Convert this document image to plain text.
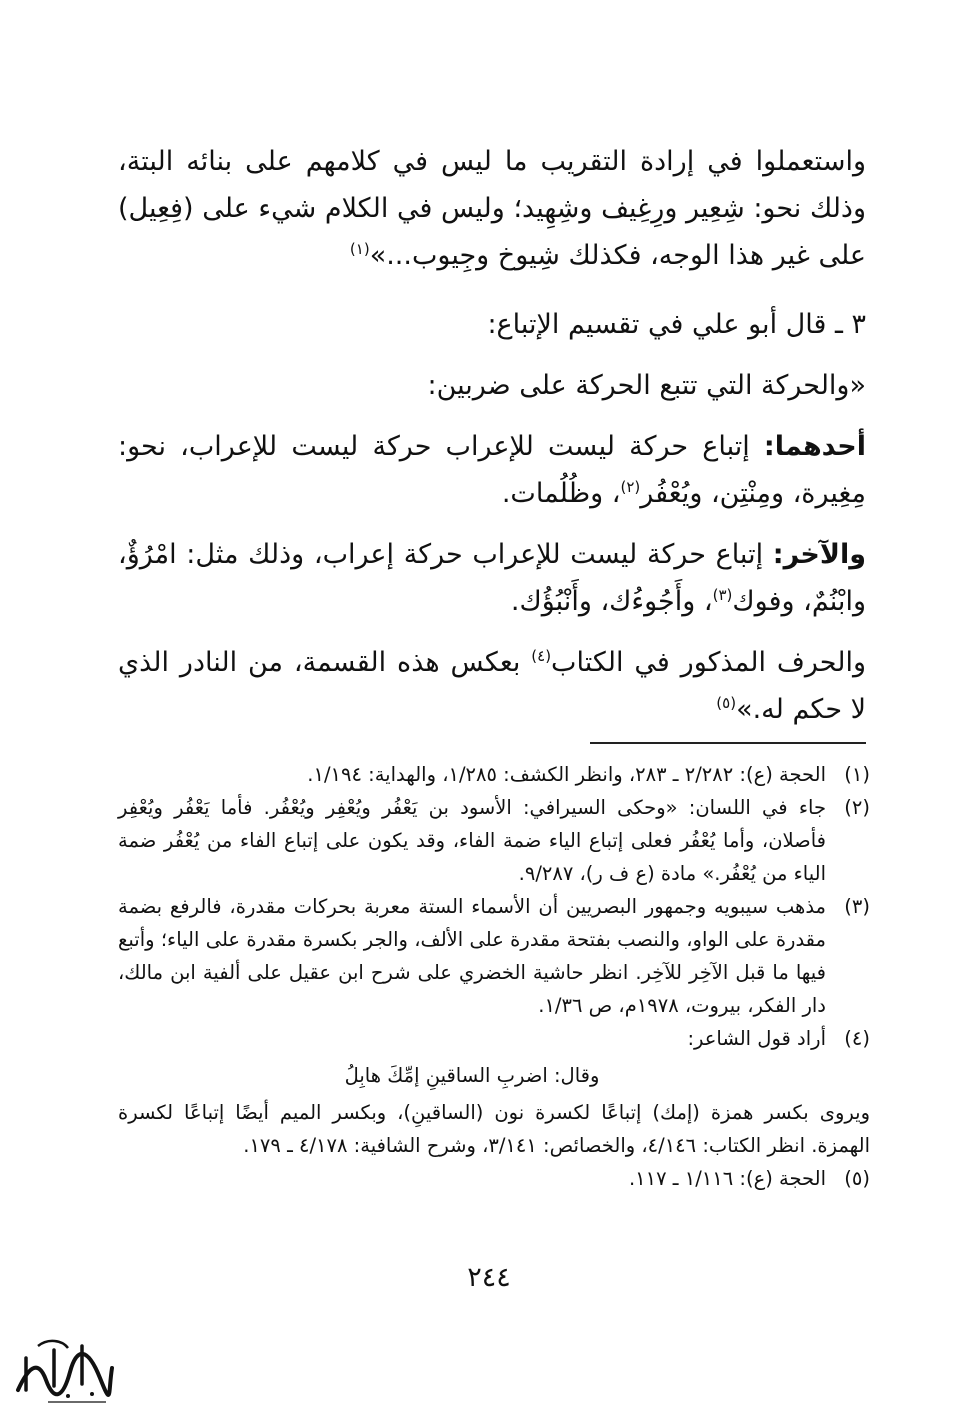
واستعملوا في إرادة التقريب ما ليس في كلامهم على بنائه البتة، وذلك نحو: شِعِير ورِغِيف وشِهِيد؛ وليس في الكلام شيء على (فِعِيل) على غير هذا الوجه، فكذلك شِيوخ وجِيوب...»$^{(١)}$

٣ ـ قال أبو علي في تقسيم الإتباع:

«والحركة التي تتبع الحركة على ضربين:

أحدهما: إتباع حركة ليست للإعراب حركة ليست للإعراب، نحو: مِغِيرة، ومِنْتِن، ويُعْفُر$^{(٢)}$، وظُلُمات.

والآخر: إتباع حركة ليست للإعراب حركة إعراب، وذلك مثل: امْرُؤٌ، وابْنُمٌ، وفوك$^{(٣)}$، وأَجُوءُك، وأَنْبُؤُك.

والحرف المذكور في الكتاب$^{(٤)}$ بعكس هذه القسمة، من النادر الذي لا حكم له.»$^{(٥)}$

(١)
الحجة (ع): ٢/٢٨٢ ـ ٢٨٣، وانظر الكشف: ١/٢٨٥، والهداية: ١/١٩٤.

(٢)
جاء في اللسان: «وحكى السيرافي: الأسود بن يَعْفُر ويُعْفِر ويُعْفُر. فأما يَعْفُر ويُعْفِر فأصلان، وأما يُعْفُر فعلى إتباع الياء ضمة الفاء، وقد يكون على إتباع الفاء من يُعْفُر ضمة الياء من يُعْفُر.» مادة (ع ف ر)، ٩/٢٨٧.

(٣)
مذهب سيبويه وجمهور البصريين أن الأسماء الستة معربة بحركات مقدرة، فالرفع بضمة مقدرة على الواو، والنصب بفتحة مقدرة على الألف، والجر بكسرة مقدرة على الياء؛ وأتبع فيها ما قبل الآخِر للآخِر. انظر حاشية الخضري على شرح ابن عقيل على ألفية ابن مالك، دار الفكر، بيروت، ١٩٧٨م، ص ١/٣٦.

(٤)
أراد قول الشاعر:

وقال: اضربِ الساقينِ إمِّكَ هابِلُ

ويروى بكسر همزة (إمك) إتباعًا لكسرة نون (الساقينِ)، وبكسر الميم أيضًا إتباعًا لكسرة الهمزة. انظر الكتاب: ٤/١٤٦، والخصائص: ٣/١٤١، وشرح الشافية: ٤/١٧٨ ـ ١٧٩.

(٥)
الحجة (ع): ١/١١٦ ـ ١١٧.

٢٤٤
